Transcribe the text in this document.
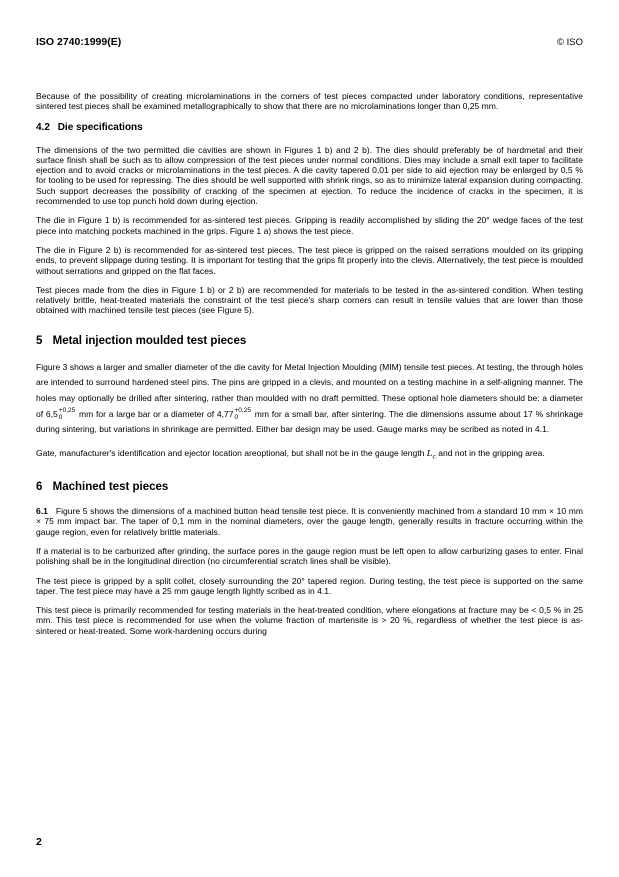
ISO 2740:1999(E)	© ISO

Because of the possibility of creating microlaminations in the corners of test pieces compacted under laboratory conditions, representative sintered test pieces shall be examined metallographically to show that there are no microlaminations longer than 0,25 mm.

4.2 Die specifications

The dimensions of the two permitted die cavities are shown in Figures 1 b) and 2 b). The dies should preferably be of hardmetal and their surface finish shall be such as to allow compression of the test pieces under normal conditions. Dies may include a small exit taper to facilitate ejection and to avoid cracks or microlaminations in the test pieces. A die cavity tapered 0,01 per side to aid ejection may be enlarged by 0,5 % for tooling to be used for repressing. The dies should be well supported with shrink rings, so as to minimize lateral expansion during compacting. Such support decreases the possibility of cracking of the specimen at ejection. To reduce the incidence of cracks in the specimen, it is recommended to use top punch hold down during ejection.

The die in Figure 1 b) is recommended for as-sintered test pieces. Gripping is readily accomplished by sliding the 20° wedge faces of the test piece into matching pockets machined in the grips. Figure 1 a) shows the test piece.

The die in Figure 2 b) is recommended for as-sintered test pieces. The test piece is gripped on the raised serrations moulded on its gripping ends, to prevent slippage during testing. It is important for testing that the grips fit properly into the clevis. Alternatively, the test piece is moulded without serrations and gripped on the flat faces.

Test pieces made from the dies in Figure 1 b) or 2 b) are recommended for materials to be tested in the as-sintered condition. When testing relatively brittle, heat-treated materials the constraint of the test piece's sharp corners can result in tensile values that are lower than those obtained with machined tensile test pieces (see Figure 5).

5 Metal injection moulded test pieces

Figure 3 shows a larger and smaller diameter of the die cavity for Metal Injection Moulding (MIM) tensile test pieces. At testing, the through holes are intended to surround hardened steel pins. The pins are gripped in a clevis, and mounted on a testing machine in a self-aligning manner. The holes may optionally be drilled after sintering, rather than moulded with no draft permitted. These optional hole diameters should be: a diameter of 6,5 +0,25
0	mm for a large bar or a diameter of 4,77 +0,25
0	mm for a small bar, after sintering. The die dimensions assume about 17 % shrinkage during sintering, but variations in shrinkage are permitted. Either bar design may be used. Gauge marks may be scribed as noted in 4.1.

Gate, manufacturer's identification and ejector location areoptional, but shall not be in the gauge length $L_c$ and not in the gripping area.

6 Machined test pieces

6.1 Figure 5 shows the dimensions of a machined button head tensile test piece. It is conveniently machined from a standard 10 mm × 10 mm × 75 mm impact bar. The taper of 0,1 mm in the nominal diameters, over the gauge length, generally results in fracture occurring within the gauge region, even for relatively brittle materials.

If a material is to be carburized after grinding, the surface pores in the gauge region must be left open to allow carburizing gases to enter. Final polishing shall be in the longitudinal direction (no circumferential scratch lines shall be visible).

The test piece is gripped by a split collet, closely surrounding the 20° tapered region. During testing, the test piece is supported on the same taper. The test piece may have a 25 mm gauge length lightly scribed as in 4.1.

This test piece is primarily recommended for testing materials in the heat-treated condition, where elongations at fracture may be < 0,5 % in 25 mm. This test piece is recommended for use when the volume fraction of martensite is > 20 %, regardless of whether the test piece is as-sintered or heat-treated. Some work-hardening occurs during

2
